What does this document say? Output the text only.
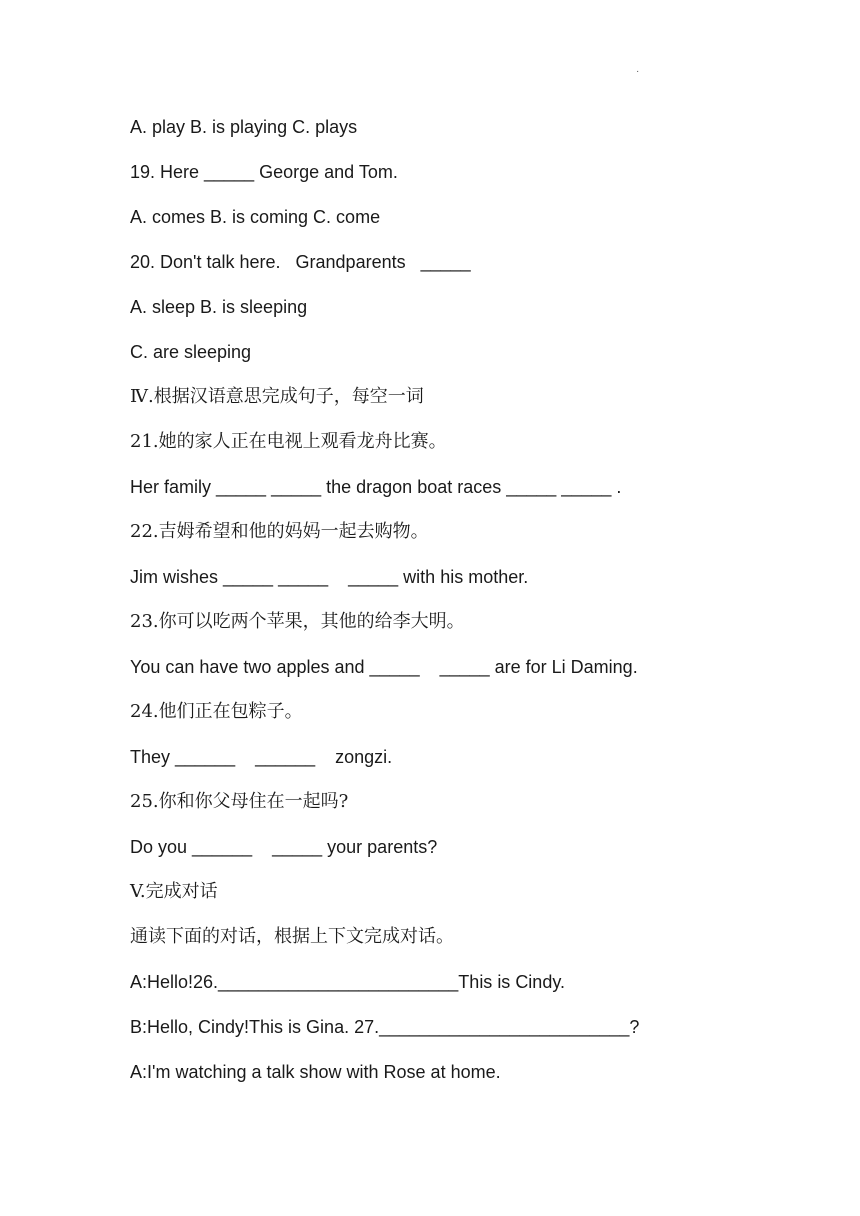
·
A. play B. is playing C. plays
19. Here _____ George and Tom.
A. comes B. is coming C. come
20. Don't talk here.   Grandparents   _____
A. sleep B. is sleeping
C. are sleeping
Ⅳ.根据汉语意思完成句子，每空一词
21.她的家人正在电视上观看龙舟比赛。
Her family _____ _____ the dragon boat races _____ _____ .
22.吉姆希望和他的妈妈一起去购物。
Jim wishes _____ _____    _____ with his mother.
23.你可以吃两个苹果，其他的给李大明。
You can have two apples and _____    _____ are for Li Daming.
24.他们正在包粽子。
They ______    ______    zongzi.
25.你和你父母住在一起吗?
Do you ______    _____ your parents?
V.完成对话
通读下面的对话，根据上下文完成对话。
A:Hello!26.________________________This is Cindy.
B:Hello, Cindy!This is Gina. 27._________________________?
A:I'm watching a talk show with Rose at home.
